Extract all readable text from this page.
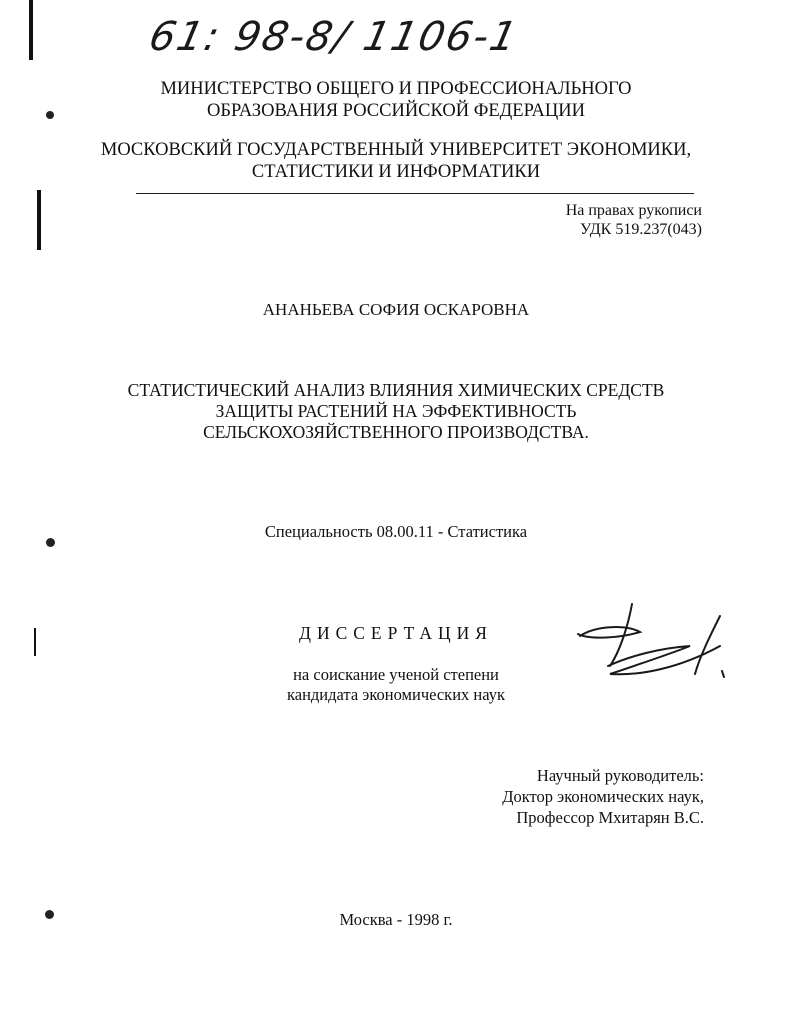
61: 98-8/ 1106-1
МИНИСТЕРСТВО ОБЩЕГО И ПРОФЕССИОНАЛЬНОГО
ОБРАЗОВАНИЯ РОССИЙСКОЙ ФЕДЕРАЦИИ
МОСКОВСКИЙ ГОСУДАРСТВЕННЫЙ УНИВЕРСИТЕТ ЭКОНОМИКИ,
СТАТИСТИКИ И ИНФОРМАТИКИ
На правах рукописи
УДК 519.237(043)
АНАНЬЕВА СОФИЯ ОСКАРОВНА
СТАТИСТИЧЕСКИЙ АНАЛИЗ ВЛИЯНИЯ ХИМИЧЕСКИХ СРЕДСТВ
ЗАЩИТЫ РАСТЕНИЙ НА ЭФФЕКТИВНОСТЬ
СЕЛЬСКОХОЗЯЙСТВЕННОГО ПРОИЗВОДСТВА.
Специальность 08.00.11 - Статистика
ДИССЕРТАЦИЯ
на соискание ученой степени
кандидата экономических наук
Научный руководитель:
Доктор экономических наук,
Профессор Мхитарян В.С.
Москва - 1998 г.
